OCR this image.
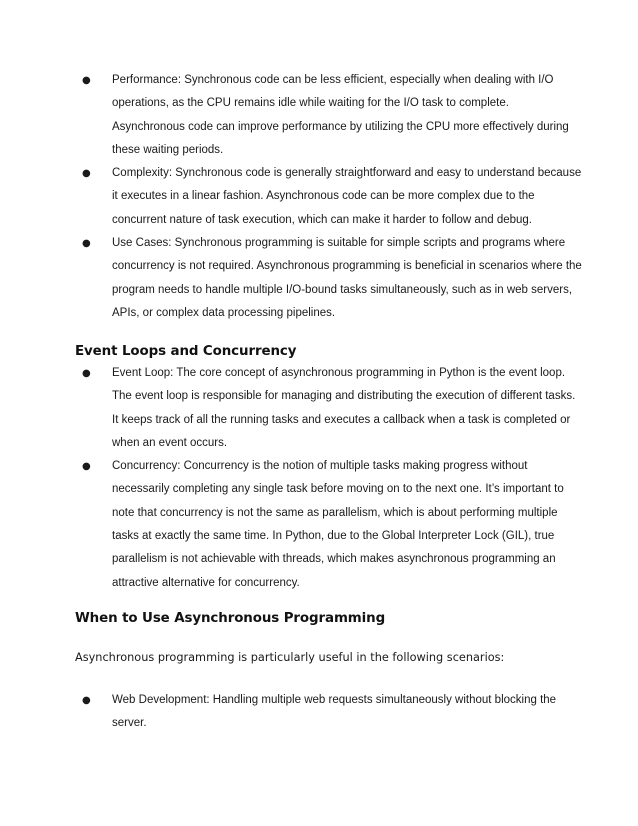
● Performance: Synchronous code can be less efficient, especially when dealing with I/O operations, as the CPU remains idle while waiting for the I/O task to complete. Asynchronous code can improve performance by utilizing the CPU more effectively during these waiting periods.
● Complexity: Synchronous code is generally straightforward and easy to understand because it executes in a linear fashion. Asynchronous code can be more complex due to the concurrent nature of task execution, which can make it harder to follow and debug.
● Use Cases: Synchronous programming is suitable for simple scripts and programs where concurrency is not required. Asynchronous programming is beneficial in scenarios where the program needs to handle multiple I/O-bound tasks simultaneously, such as in web servers, APIs, or complex data processing pipelines.
Event Loops and Concurrency
● Event Loop: The core concept of asynchronous programming in Python is the event loop. The event loop is responsible for managing and distributing the execution of different tasks. It keeps track of all the running tasks and executes a callback when a task is completed or when an event occurs.
● Concurrency: Concurrency is the notion of multiple tasks making progress without necessarily completing any single task before moving on to the next one. It’s important to note that concurrency is not the same as parallelism, which is about performing multiple tasks at exactly the same time. In Python, due to the Global Interpreter Lock (GIL), true parallelism is not achievable with threads, which makes asynchronous programming an attractive alternative for concurrency.
When to Use Asynchronous Programming

Asynchronous programming is particularly useful in the following scenarios:

● Web Development: Handling multiple web requests simultaneously without blocking the server.
